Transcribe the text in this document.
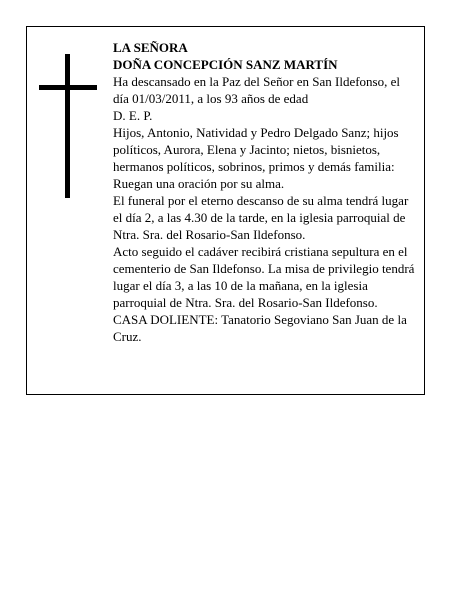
LA SEÑORA

DOÑA CONCEPCIÓN SANZ MARTÍN

Ha descansado en la Paz del Señor en San Ildefonso, el día 01/03/2011, a los 93 años de edad

D. E. P.

Hijos, Antonio, Natividad y Pedro Delgado Sanz; hijos políticos, Aurora, Elena y Jacinto; nietos, bisnietos, hermanos políticos, sobrinos, primos y demás familia:

Ruegan una oración por su alma.

El funeral por el eterno descanso de su alma tendrá lugar el día 2, a las 4.30 de la tarde, en la iglesia parroquial de Ntra. Sra. del Rosario-San Ildefonso.

Acto seguido el cadáver recibirá cristiana sepultura en el cementerio de San Ildefonso. La misa de privilegio tendrá lugar el día 3, a las 10 de la mañana, en la iglesia parroquial de Ntra. Sra. del Rosario-San Ildefonso.

CASA DOLIENTE: Tanatorio Segoviano San Juan de la Cruz.
